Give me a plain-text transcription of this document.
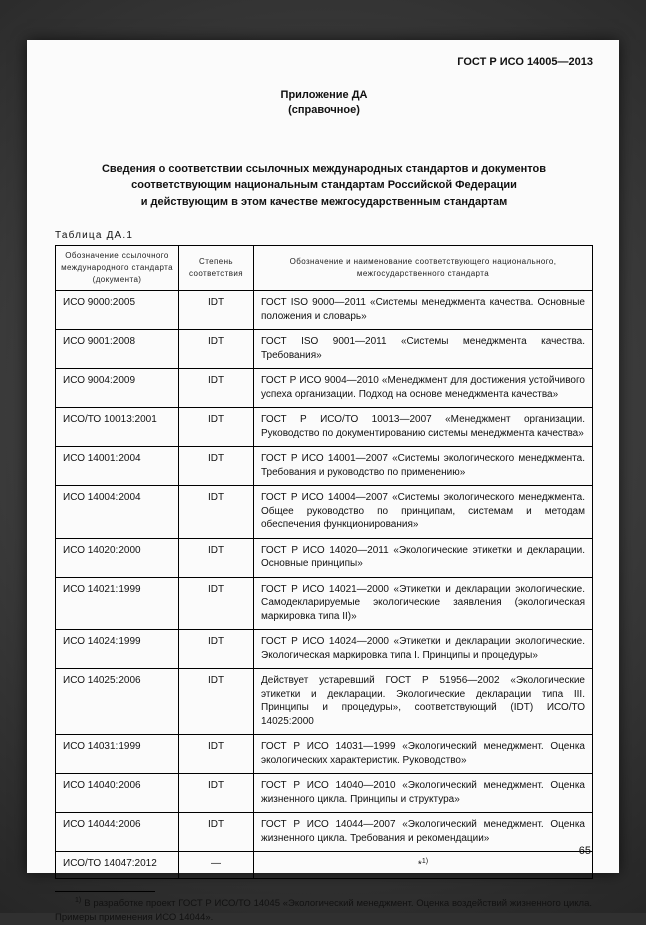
ГОСТ Р ИСО 14005—2013
Приложение ДА
(справочное)
Сведения о соответствии ссылочных международных стандартов и документов
соответствующим национальным стандартам Российской Федерации
и действующим в этом качестве межгосударственным стандартам
Таблица ДА.1
Обозначение ссылочного международного стандарта (документа)	Степень соответствия	Обозначение и наименование соответствующего национального, межгосударственного стандарта
ИСО 9000:2005	IDT	ГОСТ ISO 9000—2011 «Системы менеджмента качества. Основные положения и словарь»
ИСО 9001:2008	IDT	ГОСТ ISO 9001—2011 «Системы менеджмента качества. Требования»
ИСО 9004:2009	IDT	ГОСТ Р ИСО 9004—2010 «Менеджмент для достижения устойчивого успеха организации. Подход на основе менеджмента качества»
ИСО/ТО 10013:2001	IDT	ГОСТ Р ИСО/ТО 10013—2007 «Менеджмент организации. Руководство по документированию системы менеджмента качества»
ИСО 14001:2004	IDT	ГОСТ Р ИСО 14001—2007 «Системы экологического менеджмента. Требования и руководство по применению»
ИСО 14004:2004	IDT	ГОСТ Р ИСО 14004—2007 «Системы экологического менеджмента. Общее руководство по принципам, системам и методам обеспечения функционирования»
ИСО 14020:2000	IDT	ГОСТ Р ИСО 14020—2011 «Экологические этикетки и декларации. Основные принципы»
ИСО 14021:1999	IDT	ГОСТ Р ИСО 14021—2000 «Этикетки и декларации экологические. Самодекларируемые экологические заявления (экологическая маркировка типа II)»
ИСО 14024:1999	IDT	ГОСТ Р ИСО 14024—2000 «Этикетки и декларации экологические. Экологическая маркировка типа I. Принципы и процедуры»
ИСО 14025:2006	IDT	Действует устаревший ГОСТ Р 51956—2002 «Экологические этикетки и декларации. Экологические декларации типа III. Принципы и процедуры», соответствующий (IDT) ИСО/ТО 14025:2000
ИСО 14031:1999	IDT	ГОСТ Р ИСО 14031—1999 «Экологический менеджмент. Оценка экологических характеристик. Руководство»
ИСО 14040:2006	IDT	ГОСТ Р ИСО 14040—2010 «Экологический менеджмент. Оценка жизненного цикла. Принципы и структура»
ИСО 14044:2006	IDT	ГОСТ Р ИСО 14044—2007 «Экологический менеджмент. Оценка жизненного цикла. Требования и рекомендации»
ИСО/ТО 14047:2012	—	*$^{1)}$
$^{1)}$ В разработке проект ГОСТ Р ИСО/ТО 14045 «Экологический менеджмент. Оценка воздействий жизненного цикла. Примеры применения ИСО 14044».
65
